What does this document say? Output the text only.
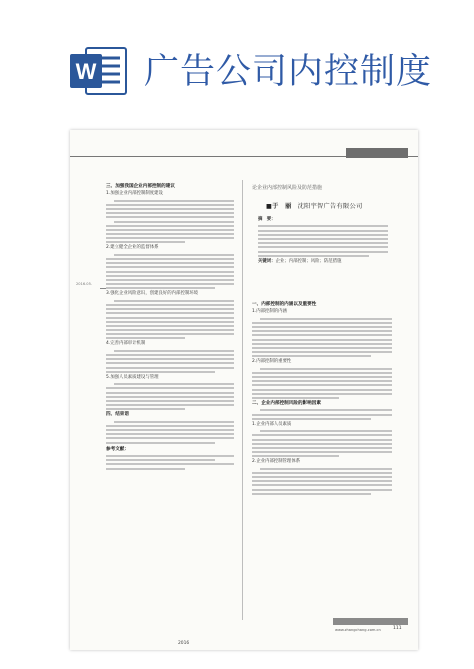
W 广告公司内控制度
2016.05.
三、加强我国企业内部控制的建议
1.加强企业内部控制制度建设
2.建立健全企业的监督体系
3.强化企业风险意识，创建良好的内部控制环境
4.完善内部审计机制
5.加强人员素质建设与管理
四、结束语
参考文献：
2016
论企业内部控制风险及防范措施
■于　丽 沈阳宇智广告有限公司
摘　要：
关键词：企业；内部控制；风险；防范措施
一、内部控制的内涵以及重要性
1.内部控制的内涵
2.内部控制的重要性
二、企业内部控制风险的影响因素
1.企业内部人员素质
2.企业内部控制管理体系
www.zhangchang.com.cn	111
